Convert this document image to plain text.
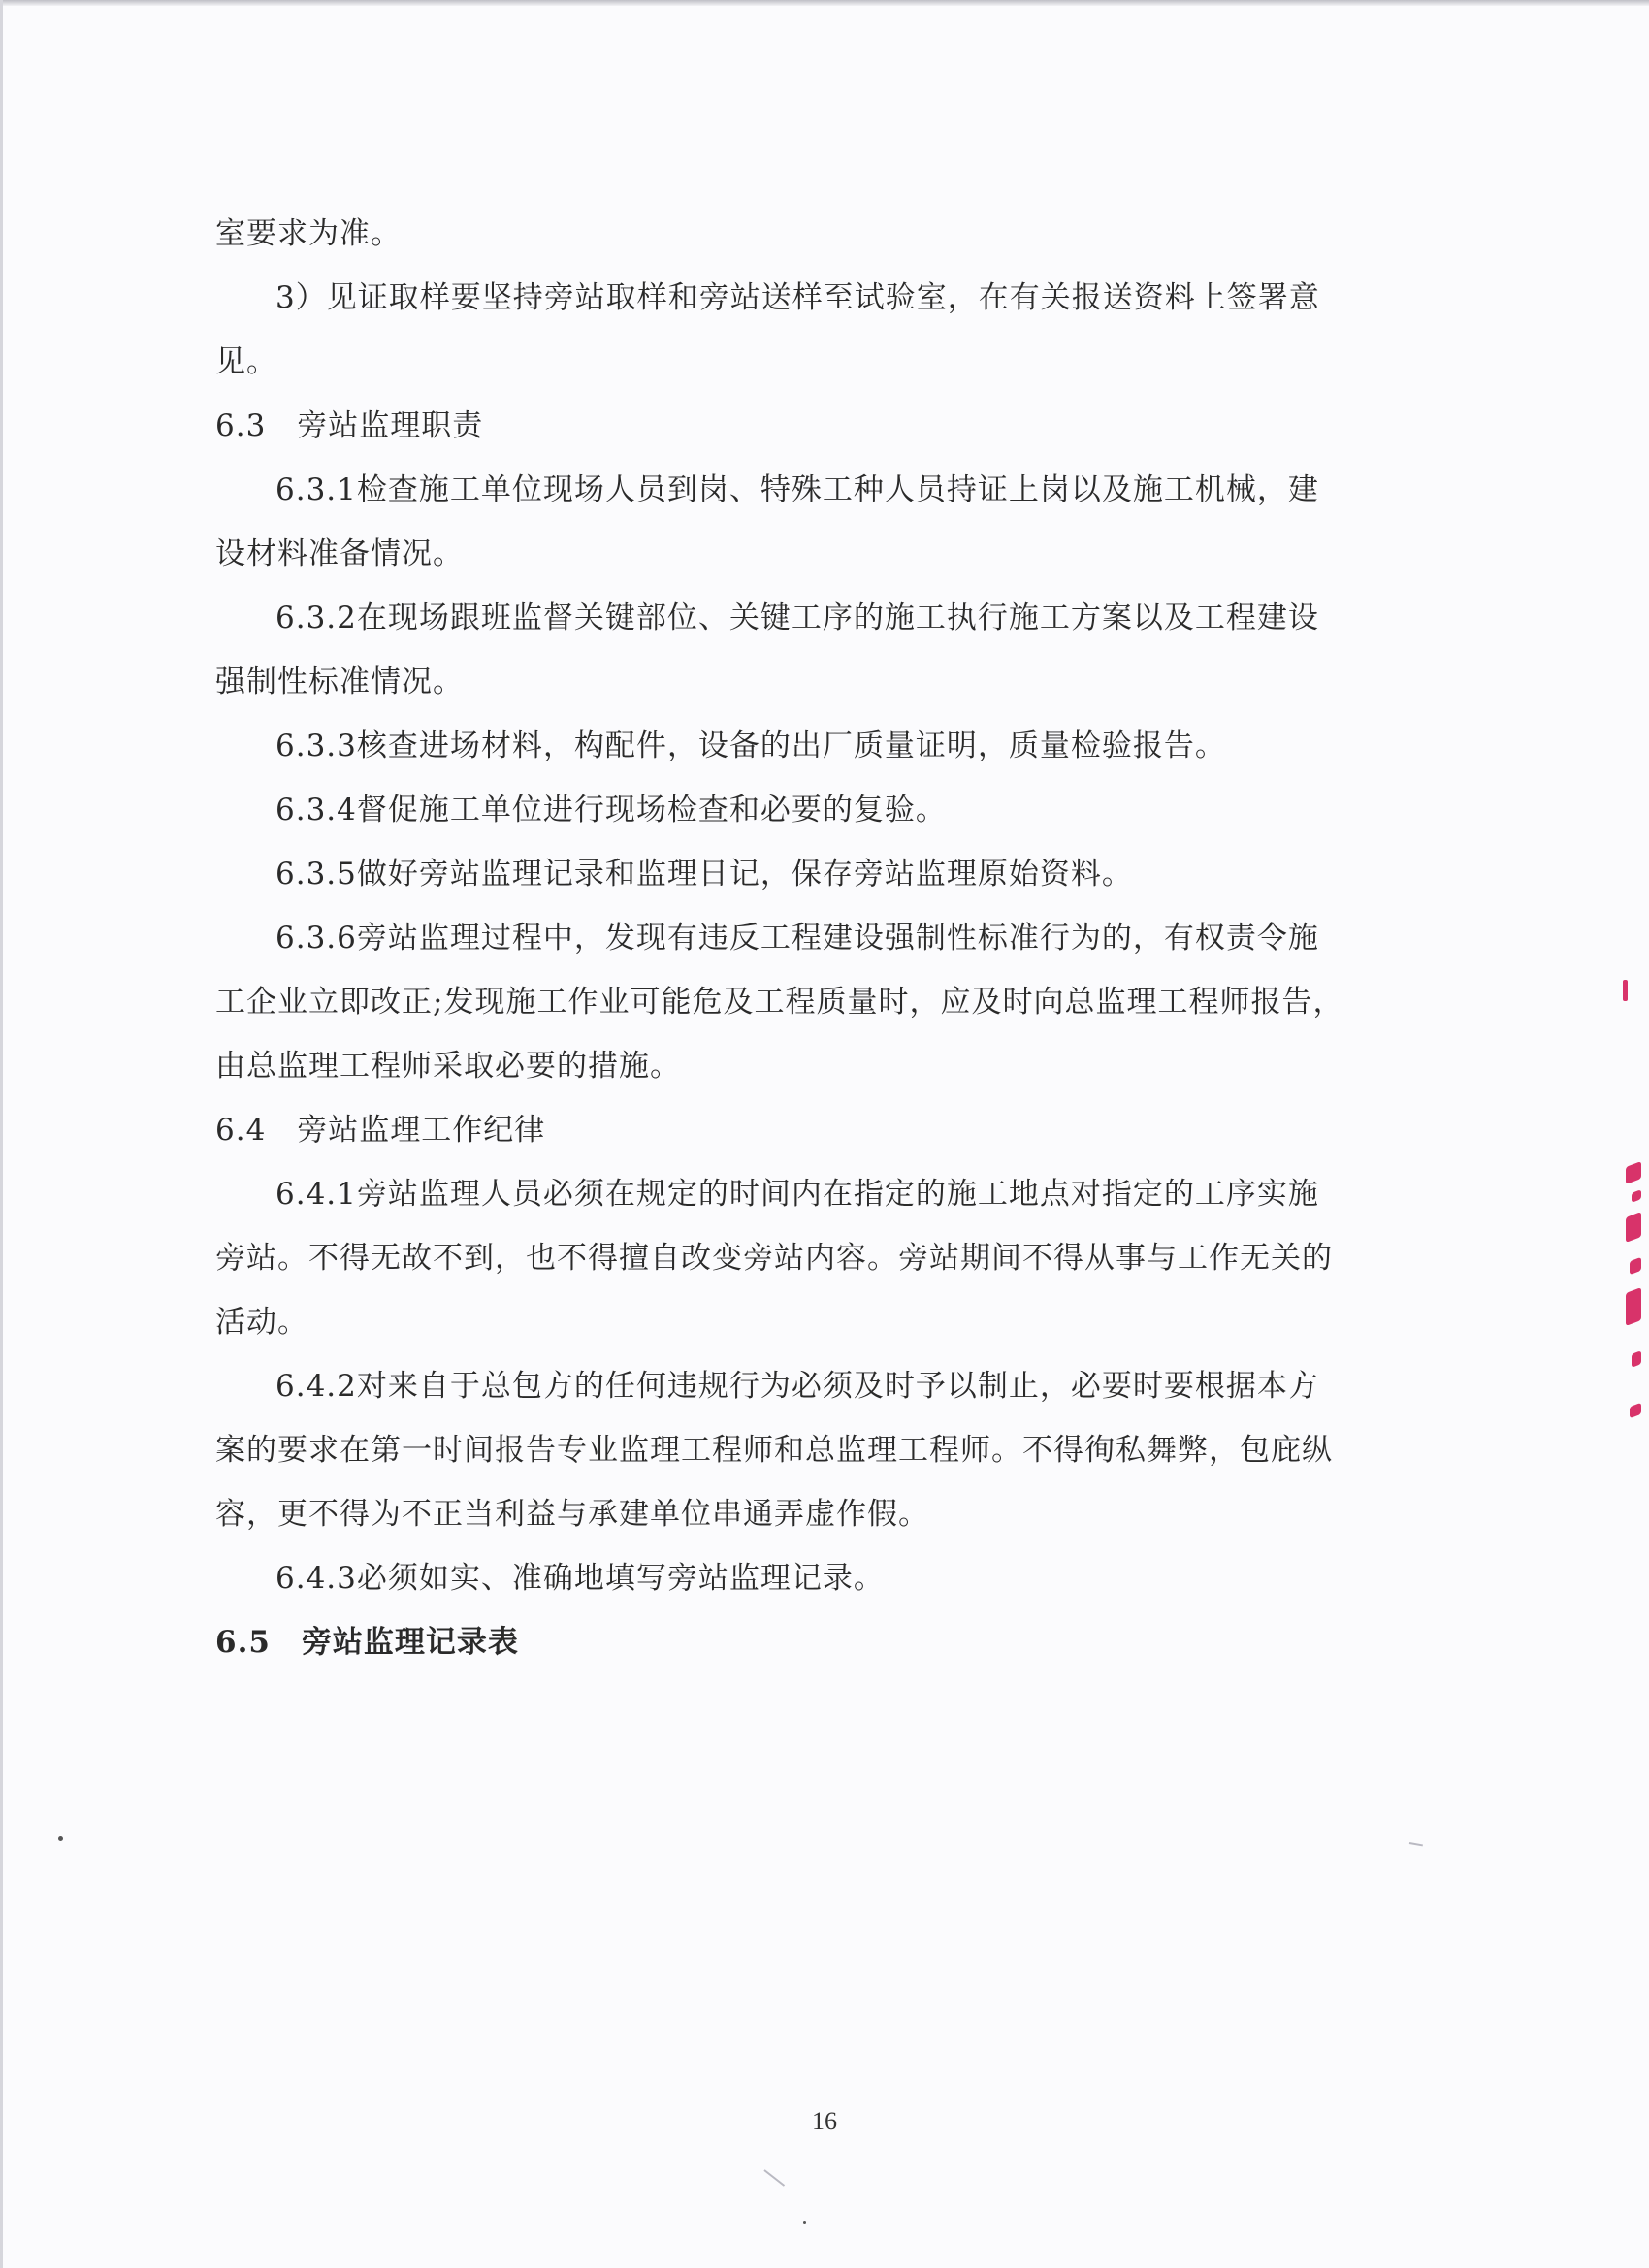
室要求为准。
3）见证取样要坚持旁站取样和旁站送样至试验室，在有关报送资料上签署意
见。
6.3　旁站监理职责
6.3.1检查施工单位现场人员到岗、特殊工种人员持证上岗以及施工机械，建
设材料准备情况。
6.3.2在现场跟班监督关键部位、关键工序的施工执行施工方案以及工程建设
强制性标准情况。
6.3.3核查进场材料，构配件，设备的出厂质量证明，质量检验报告。
6.3.4督促施工单位进行现场检查和必要的复验。
6.3.5做好旁站监理记录和监理日记，保存旁站监理原始资料。
6.3.6旁站监理过程中，发现有违反工程建设强制性标准行为的，有权责令施
工企业立即改正;发现施工作业可能危及工程质量时，应及时向总监理工程师报告，
由总监理工程师采取必要的措施。
6.4　旁站监理工作纪律
6.4.1旁站监理人员必须在规定的时间内在指定的施工地点对指定的工序实施
旁站。不得无故不到，也不得擅自改变旁站内容。旁站期间不得从事与工作无关的
活动。
6.4.2对来自于总包方的任何违规行为必须及时予以制止，必要时要根据本方
案的要求在第一时间报告专业监理工程师和总监理工程师。不得徇私舞弊，包庇纵
容，更不得为不正当利益与承建单位串通弄虚作假。
6.4.3必须如实、准确地填写旁站监理记录。
6.5　旁站监理记录表
16
